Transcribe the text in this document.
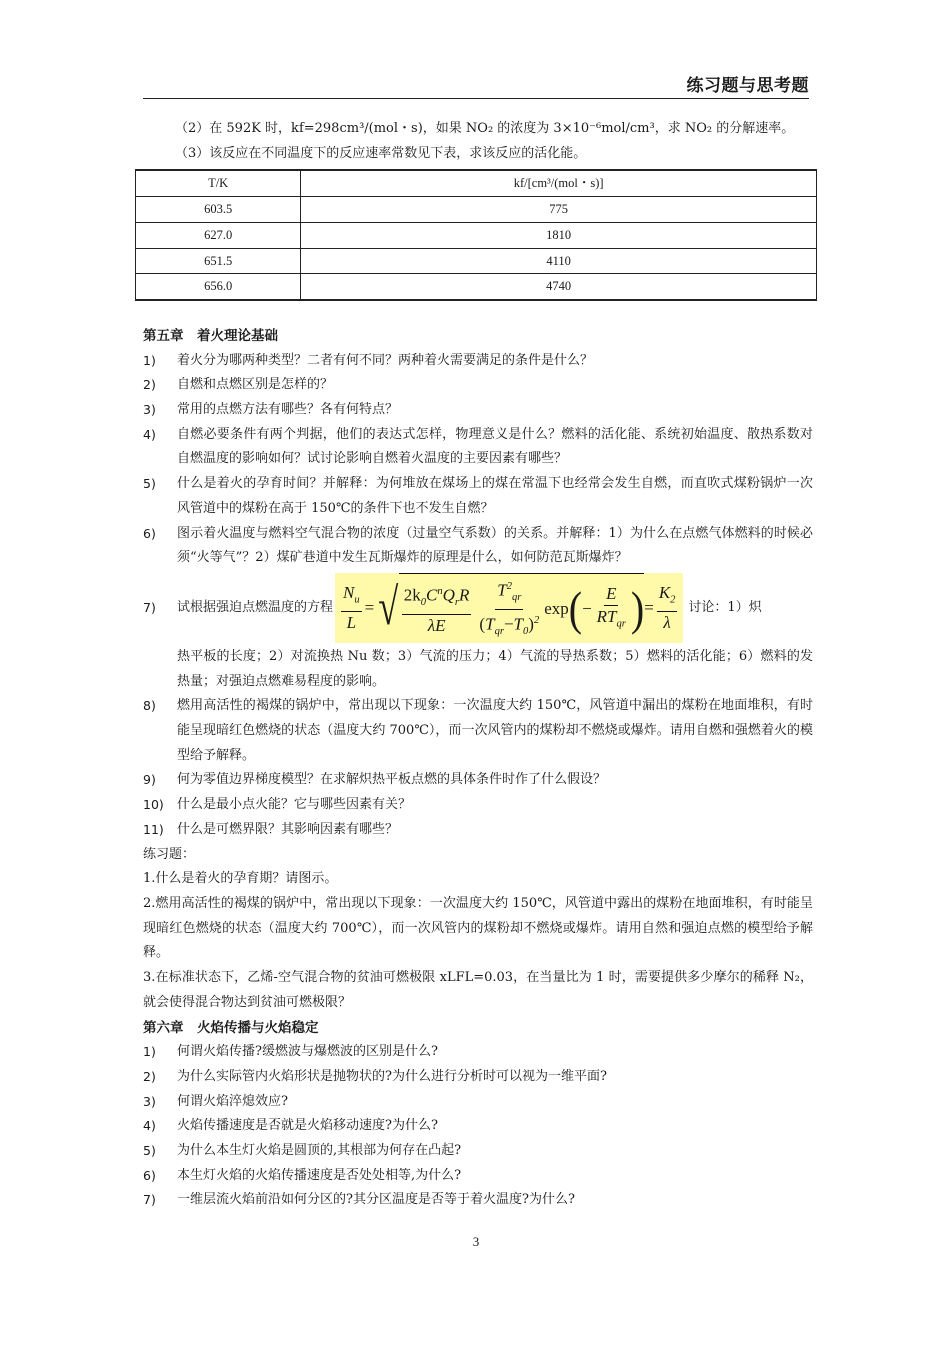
练习题与思考题

（2）在 592K 时，kf=298cm³/(mol・s)，如果 NO₂ 的浓度为 3×10⁻⁶mol/cm³，求 NO₂ 的分解速率。

（3）该反应在不同温度下的反应速率常数见下表，求该反应的活化能。

T/K	kf/[cm³/(mol・s)]
603.5	775
627.0	1810
651.5	4110
656.0	4740

第五章　着火理论基础

1)	着火分为哪两种类型？二者有何不同？两种着火需要满足的条件是什么？
2)	自燃和点燃区别是怎样的？
3)	常用的点燃方法有哪些？各有何特点？
4)	自燃必要条件有两个判据，他们的表达式怎样，物理意义是什么？燃料的活化能、系统初始温度、散热系数对自燃温度的影响如何？试讨论影响自燃着火温度的主要因素有哪些？
5)	什么是着火的孕育时间？并解释：为何堆放在煤场上的煤在常温下也经常会发生自燃，而直吹式煤粉锅炉一次风管道中的煤粉在高于 150℃的条件下也不发生自燃？
6)	图示着火温度与燃料空气混合物的浓度（过量空气系数）的关系。并解释：1）为什么在点燃气体燃料的时候必须“火等气”？2）煤矿巷道中发生瓦斯爆炸的原理是什么，如何防范瓦斯爆炸？
7)	试根据强迫点燃温度的方程 $\frac{N_u}{L}$ = √ $\frac{2k_0C^nQ_rR}{\lambda E} \frac{T^2_{qr}}{(T_{qr}-T_0)^2}$ exp ( − $\frac{E}{RT_{qr}}$ ) = $\frac{K_2}{\lambda}$ 讨论：1）炽
热平板的长度；2）对流换热 Nu 数；3）气流的压力；4）气流的导热系数；5）燃料的活化能；6）燃料的发热量；对强迫点燃难易程度的影响。
8)	燃用高活性的褐煤的锅炉中，常出现以下现象：一次温度大约 150℃，风管道中漏出的煤粉在地面堆积，有时能呈现暗红色燃烧的状态（温度大约 700℃），而一次风管内的煤粉却不燃烧或爆炸。请用自燃和强燃着火的模型给予解释。
9)	何为零值边界梯度模型？在求解炽热平板点燃的具体条件时作了什么假设？
10)	什么是最小点火能？它与哪些因素有关？
11)	什么是可燃界限？其影响因素有哪些？

练习题：

1.什么是着火的孕育期？请图示。

2.燃用高活性的褐煤的锅炉中，常出现以下现象：一次温度大约 150℃，风管道中露出的煤粉在地面堆积，有时能呈现暗红色燃烧的状态（温度大约 700℃），而一次风管内的煤粉却不燃烧或爆炸。请用自然和强迫点燃的模型给予解释。

3.在标准状态下，乙烯-空气混合物的贫油可燃极限 xLFL=0.03，在当量比为 1 时，需要提供多少摩尔的稀释 N₂，就会使得混合物达到贫油可燃极限？

第六章　火焰传播与火焰稳定

1)	何谓火焰传播?缓燃波与爆燃波的区别是什么?
2)	为什么实际管内火焰形状是抛物状的?为什么进行分析时可以视为一维平面?
3)	何谓火焰淬熄效应?
4)	火焰传播速度是否就是火焰移动速度?为什么?
5)	为什么本生灯火焰是圆顶的,其根部为何存在凸起?
6)	本生灯火焰的火焰传播速度是否处处相等,为什么?
7)	一维层流火焰前沿如何分区的?其分区温度是否等于着火温度?为什么?
3
